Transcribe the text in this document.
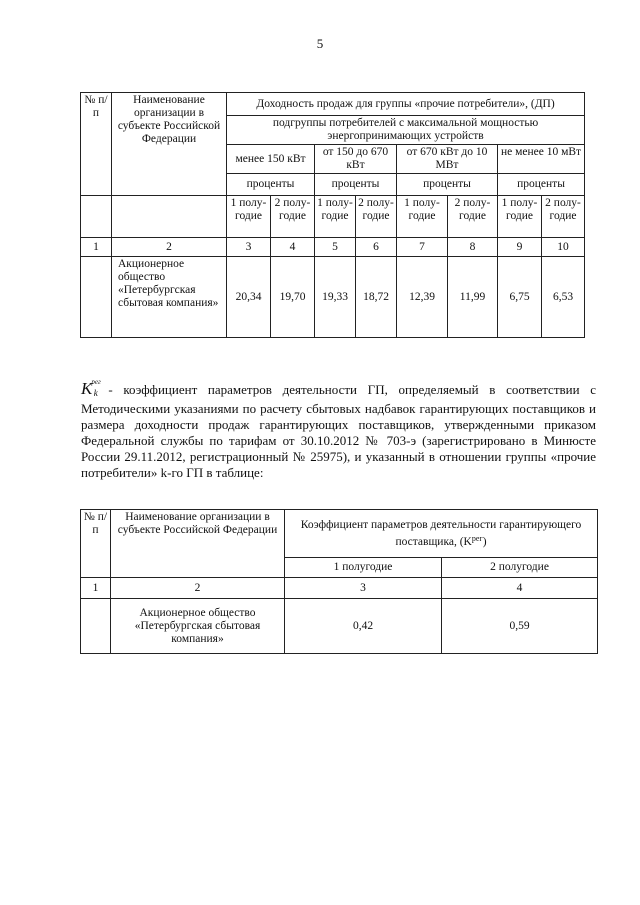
5
№ п/п	Наименование организации в субъекте Российской Федерации	Доходность продаж для группы «прочие потребители», (ДП)							
		подгруппы потребителей с максимальной мощностью энергопринимающих устройств							
		менее 150 кВт		от 150 до 670 кВт		от 670 кВт до 10 МВт		не менее 10 мВт	
		проценты		проценты		проценты		проценты	
		1 полу- годие	2 полу- годие	1 полу- годие	2 полу- годие	1 полу- годие	2 полу- годие	1 полу- годие	2 полу- годие
1	2	3	4	5	6	7	8	9	10
	Акционерное общество «Петербургская сбытовая компания»	20,34	19,70	19,33	18,72	12,39	11,99	6,75	6,53

$K^{рег}_k$ - коэффициент параметров деятельности ГП, определяемый в соответствии с Методическими указаниями по расчету сбытовых надбавок гарантирующих поставщиков и размера доходности продаж гарантирующих поставщиков, утвержденными приказом Федеральной службы по тарифам от 30.10.2012 № 703-э (зарегистрировано в Минюсте России 29.11.2012, регистрационный № 25975), и указанный в отношении группы «прочие потребители» k-го ГП в таблице:

№ п/п	Наименование организации в субъекте Российской Федерации	Коэффициент параметров деятельности гарантирующего поставщика, $(K^{рег})$	
		1 полугодие	2 полугодие
1	2	3	4
	Акционерное общество «Петербургская сбытовая компания»	0,42	0,59
